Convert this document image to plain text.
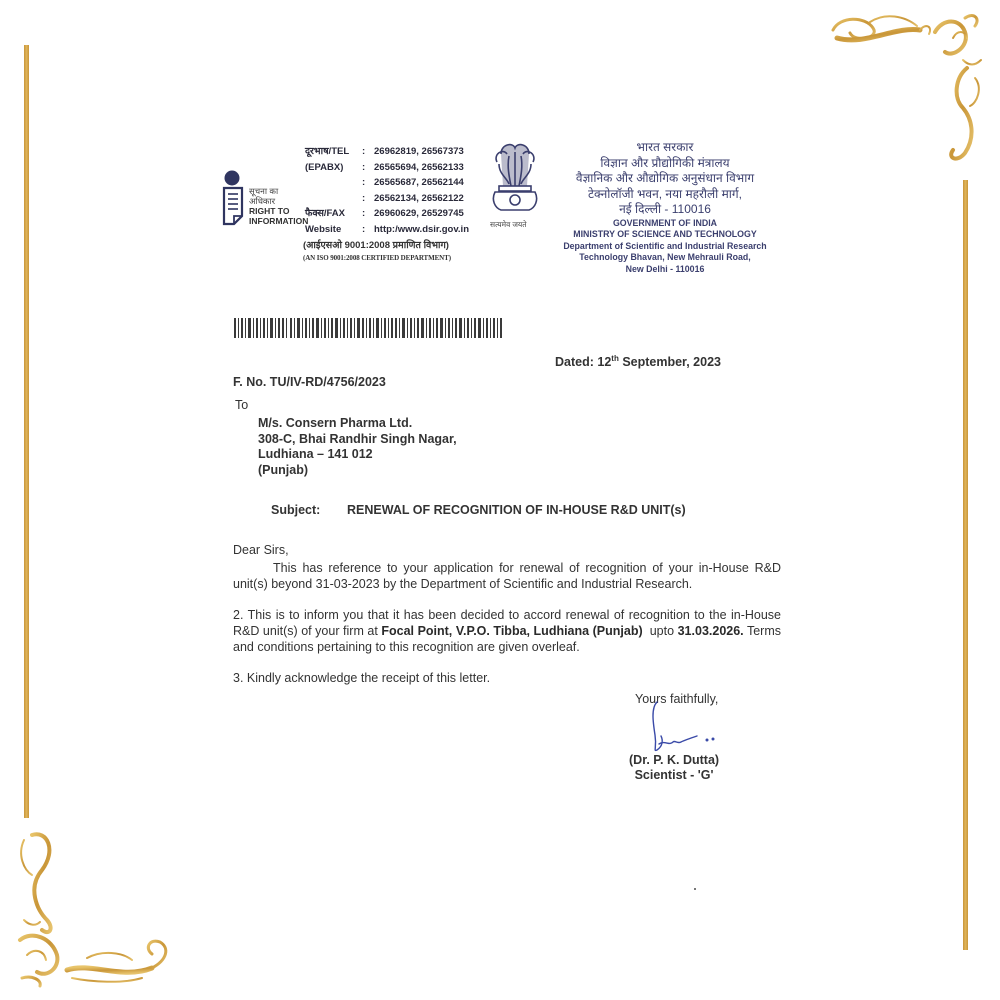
सूचना का
अधिकार
RIGHT TO
INFORMATION
दूरभाष/TEL	: 26962819, 26567373
(EPABX)	: 26565694, 26562133
: 26565687, 26562144
: 26562134, 26562122
फैक्स/FAX	: 26960629, 26529745
Website	: http:/www.dsir.gov.in
(आईएसओ 9001:2008 प्रमाणित विभाग)
(AN ISO 9001:2008 CERTIFIED DEPARTMENT)
सत्यमेव जयते
भारत सरकार
विज्ञान और प्रौद्योगिकी मंत्रालय
वैज्ञानिक और औद्योगिक अनुसंधान विभाग
टेक्नोलॉजी भवन, नया महरौली मार्ग,
नई दिल्ली - 110016
GOVERNMENT OF INDIA
MINISTRY OF SCIENCE AND TECHNOLOGY
Department of Scientific and Industrial Research
Technology Bhavan, New Mehrauli Road,
New Delhi - 110016
Dated: 12th September, 2023
F. No. TU/IV-RD/4756/2023
To
M/s. Consern Pharma Ltd.
308-C, Bhai Randhir Singh Nagar,
Ludhiana – 141 012
(Punjab)
Subject: RENEWAL OF RECOGNITION OF IN-HOUSE R&D UNIT(s)
Dear Sirs,

This has reference to your application for renewal of recognition of your in-House R&D unit(s) beyond 31-03-2023 by the Department of Scientific and Industrial Research.

2. This is to inform you that it has been decided to accord renewal of recognition to the in-House R&D unit(s) of your firm at Focal Point, V.P.O. Tibba, Ludhiana (Punjab)  upto 31.03.2026. Terms and conditions pertaining to this recognition are given overleaf.

3. Kindly acknowledge the receipt of this letter.

Yours faithfully,
(Dr. P. K. Dutta)
Scientist - 'G'
